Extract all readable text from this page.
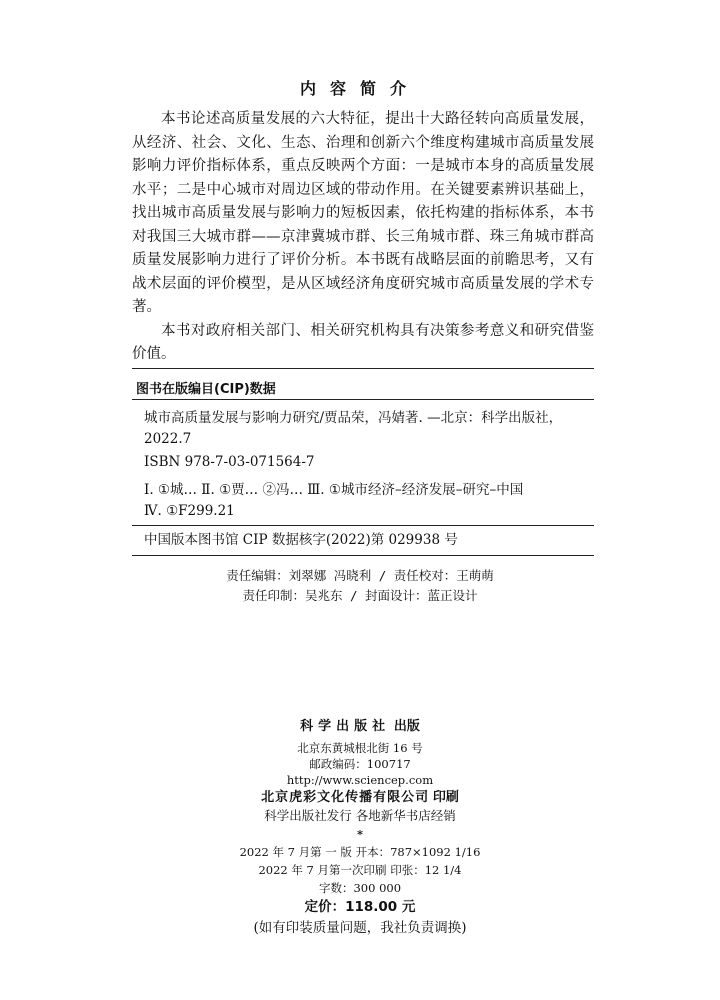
内容简介

本书论述高质量发展的六大特征，提出十大路径转向高质量发展，从经济、社会、文化、生态、治理和创新六个维度构建城市高质量发展影响力评价指标体系，重点反映两个方面：一是城市本身的高质量发展水平；二是中心城市对周边区域的带动作用。在关键要素辨识基础上，找出城市高质量发展与影响力的短板因素，依托构建的指标体系，本书对我国三大城市群——京津冀城市群、长三角城市群、珠三角城市群高质量发展影响力进行了评价分析。本书既有战略层面的前瞻思考，又有战术层面的评价模型，是从区域经济角度研究城市高质量发展的学术专著。

本书对政府相关部门、相关研究机构具有决策参考意义和研究借鉴价值。

图书在版编目(CIP)数据
城市高质量发展与影响力研究/贾品荣，冯婧著. —北京：科学出版社，2022.7
ISBN 978-7-03-071564-7
Ⅰ. ①城… Ⅱ. ①贾… ②冯… Ⅲ. ①城市经济–经济发展–研究–中国
Ⅳ. ①F299.21
中国版本图书馆 CIP 数据核字(2022)第 029938 号
责任编辑：刘翠娜 冯晓利 / 责任校对：王萌萌
责任印制：吴兆东 / 封面设计：蓝正设计
科学出版社 出版
北京东黄城根北街 16 号
邮政编码：100717
http://www.sciencep.com
北京虎彩文化传播有限公司 印刷
科学出版社发行 各地新华书店经销
*
2022 年 7 月第 一 版 开本：787×1092 1/16
2022 年 7 月第一次印刷 印张：12 1/4
字数：300 000
定价：118.00 元
(如有印装质量问题，我社负责调换)
